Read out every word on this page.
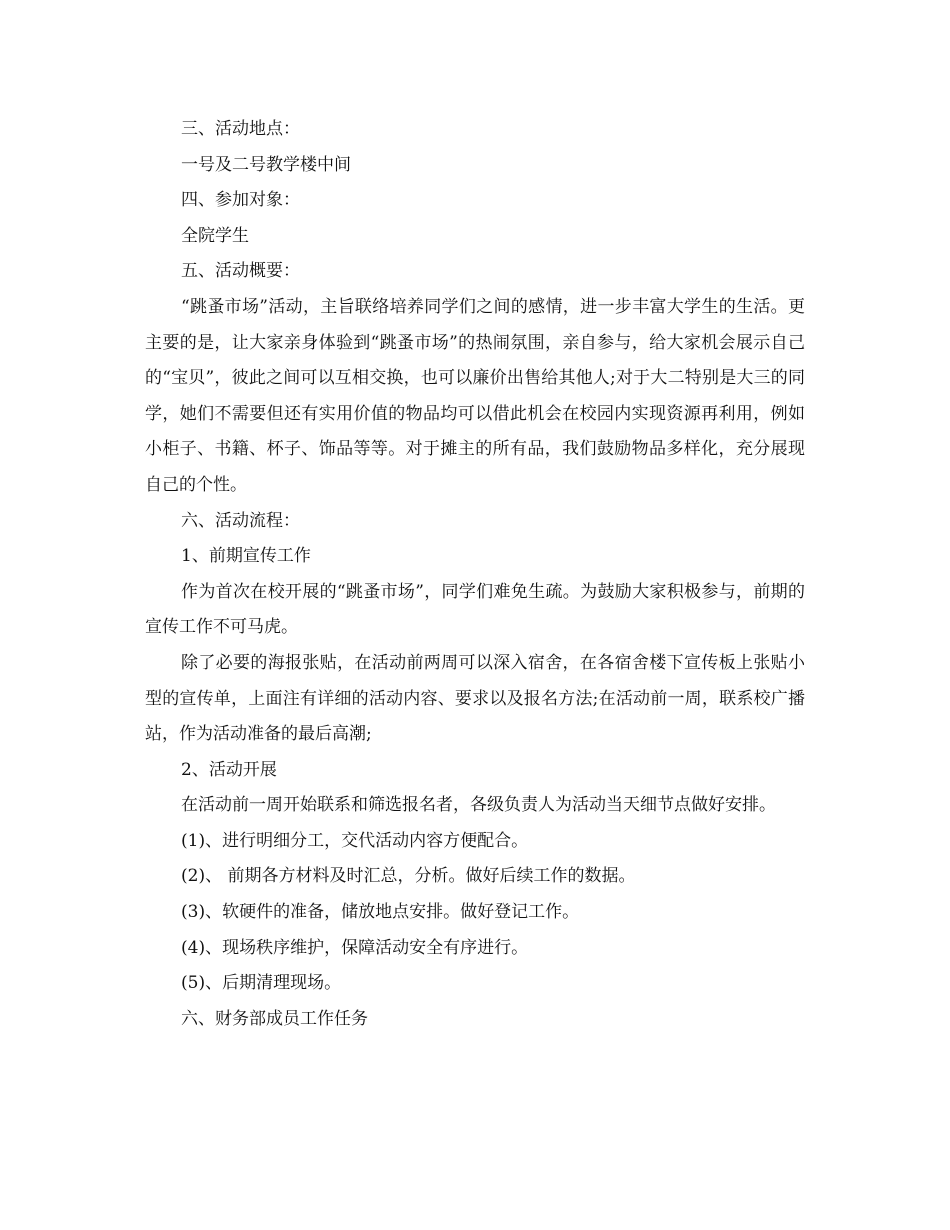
三、活动地点：

一号及二号教学楼中间

四、参加对象：

全院学生

五、活动概要：

“跳蚤市场”活动，主旨联络培养同学们之间的感情，进一步丰富大学生的生活。更主要的是，让大家亲身体验到“跳蚤市场”的热闹氛围，亲自参与，给大家机会展示自己的“宝贝”，彼此之间可以互相交换，也可以廉价出售给其他人;对于大二特别是大三的同学，她们不需要但还有实用价值的物品均可以借此机会在校园内实现资源再利用，例如小柜子、书籍、杯子、饰品等等。对于摊主的所有品，我们鼓励物品多样化，充分展现自己的个性。

六、活动流程：

1、前期宣传工作

作为首次在校开展的“跳蚤市场”，同学们难免生疏。为鼓励大家积极参与，前期的宣传工作不可马虎。

除了必要的海报张贴，在活动前两周可以深入宿舍，在各宿舍楼下宣传板上张贴小型的宣传单，上面注有详细的活动内容、要求以及报名方法;在活动前一周，联系校广播站，作为活动准备的最后高潮;

2、活动开展

在活动前一周开始联系和筛选报名者，各级负责人为活动当天细节点做好安排。

(1)、进行明细分工，交代活动内容方便配合。

(2)、 前期各方材料及时汇总，分析。做好后续工作的数据。

(3)、软硬件的准备，储放地点安排。做好登记工作。

(4)、现场秩序维护，保障活动安全有序进行。

(5)、后期清理现场。

六、财务部成员工作任务
